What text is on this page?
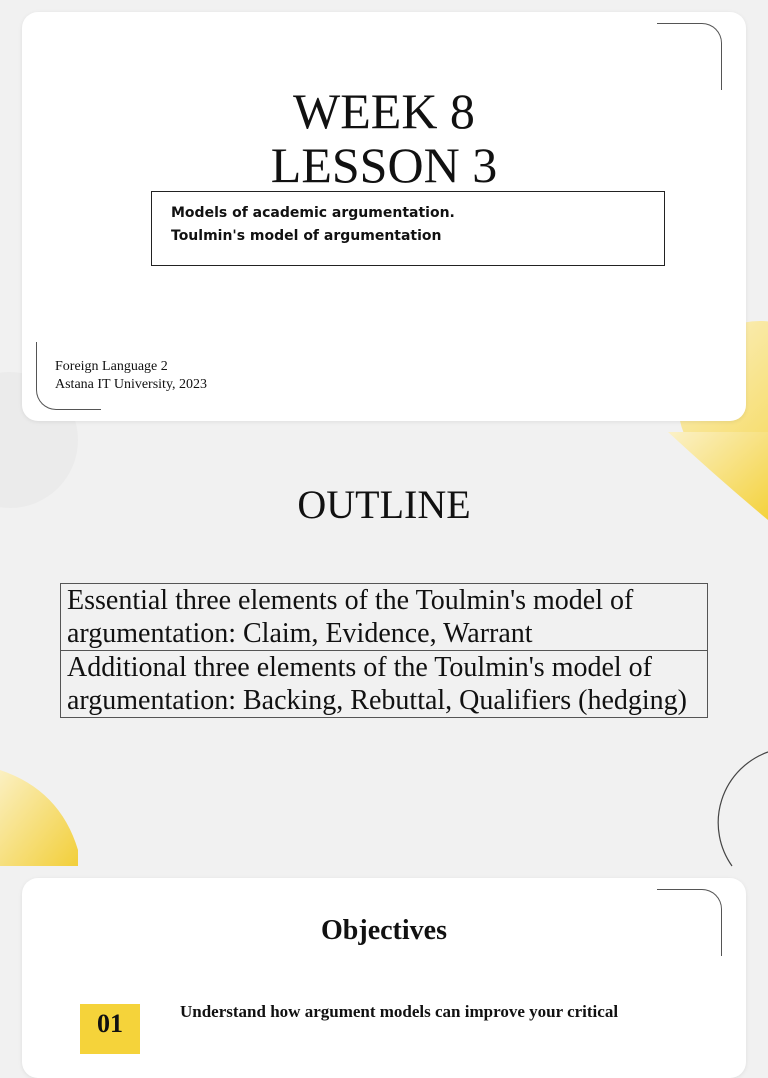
WEEK 8
LESSON 3
Models of academic argumentation.
Toulmin's model of argumentation
Foreign Language 2
Astana IT University, 2023
OUTLINE
Essential three elements of the Toulmin's model of argumentation: Claim, Evidence, Warrant
Additional three elements of the Toulmin's model of argumentation: Backing, Rebuttal, Qualifiers (hedging)
Objectives
01	Understand how argument models can improve your critical
